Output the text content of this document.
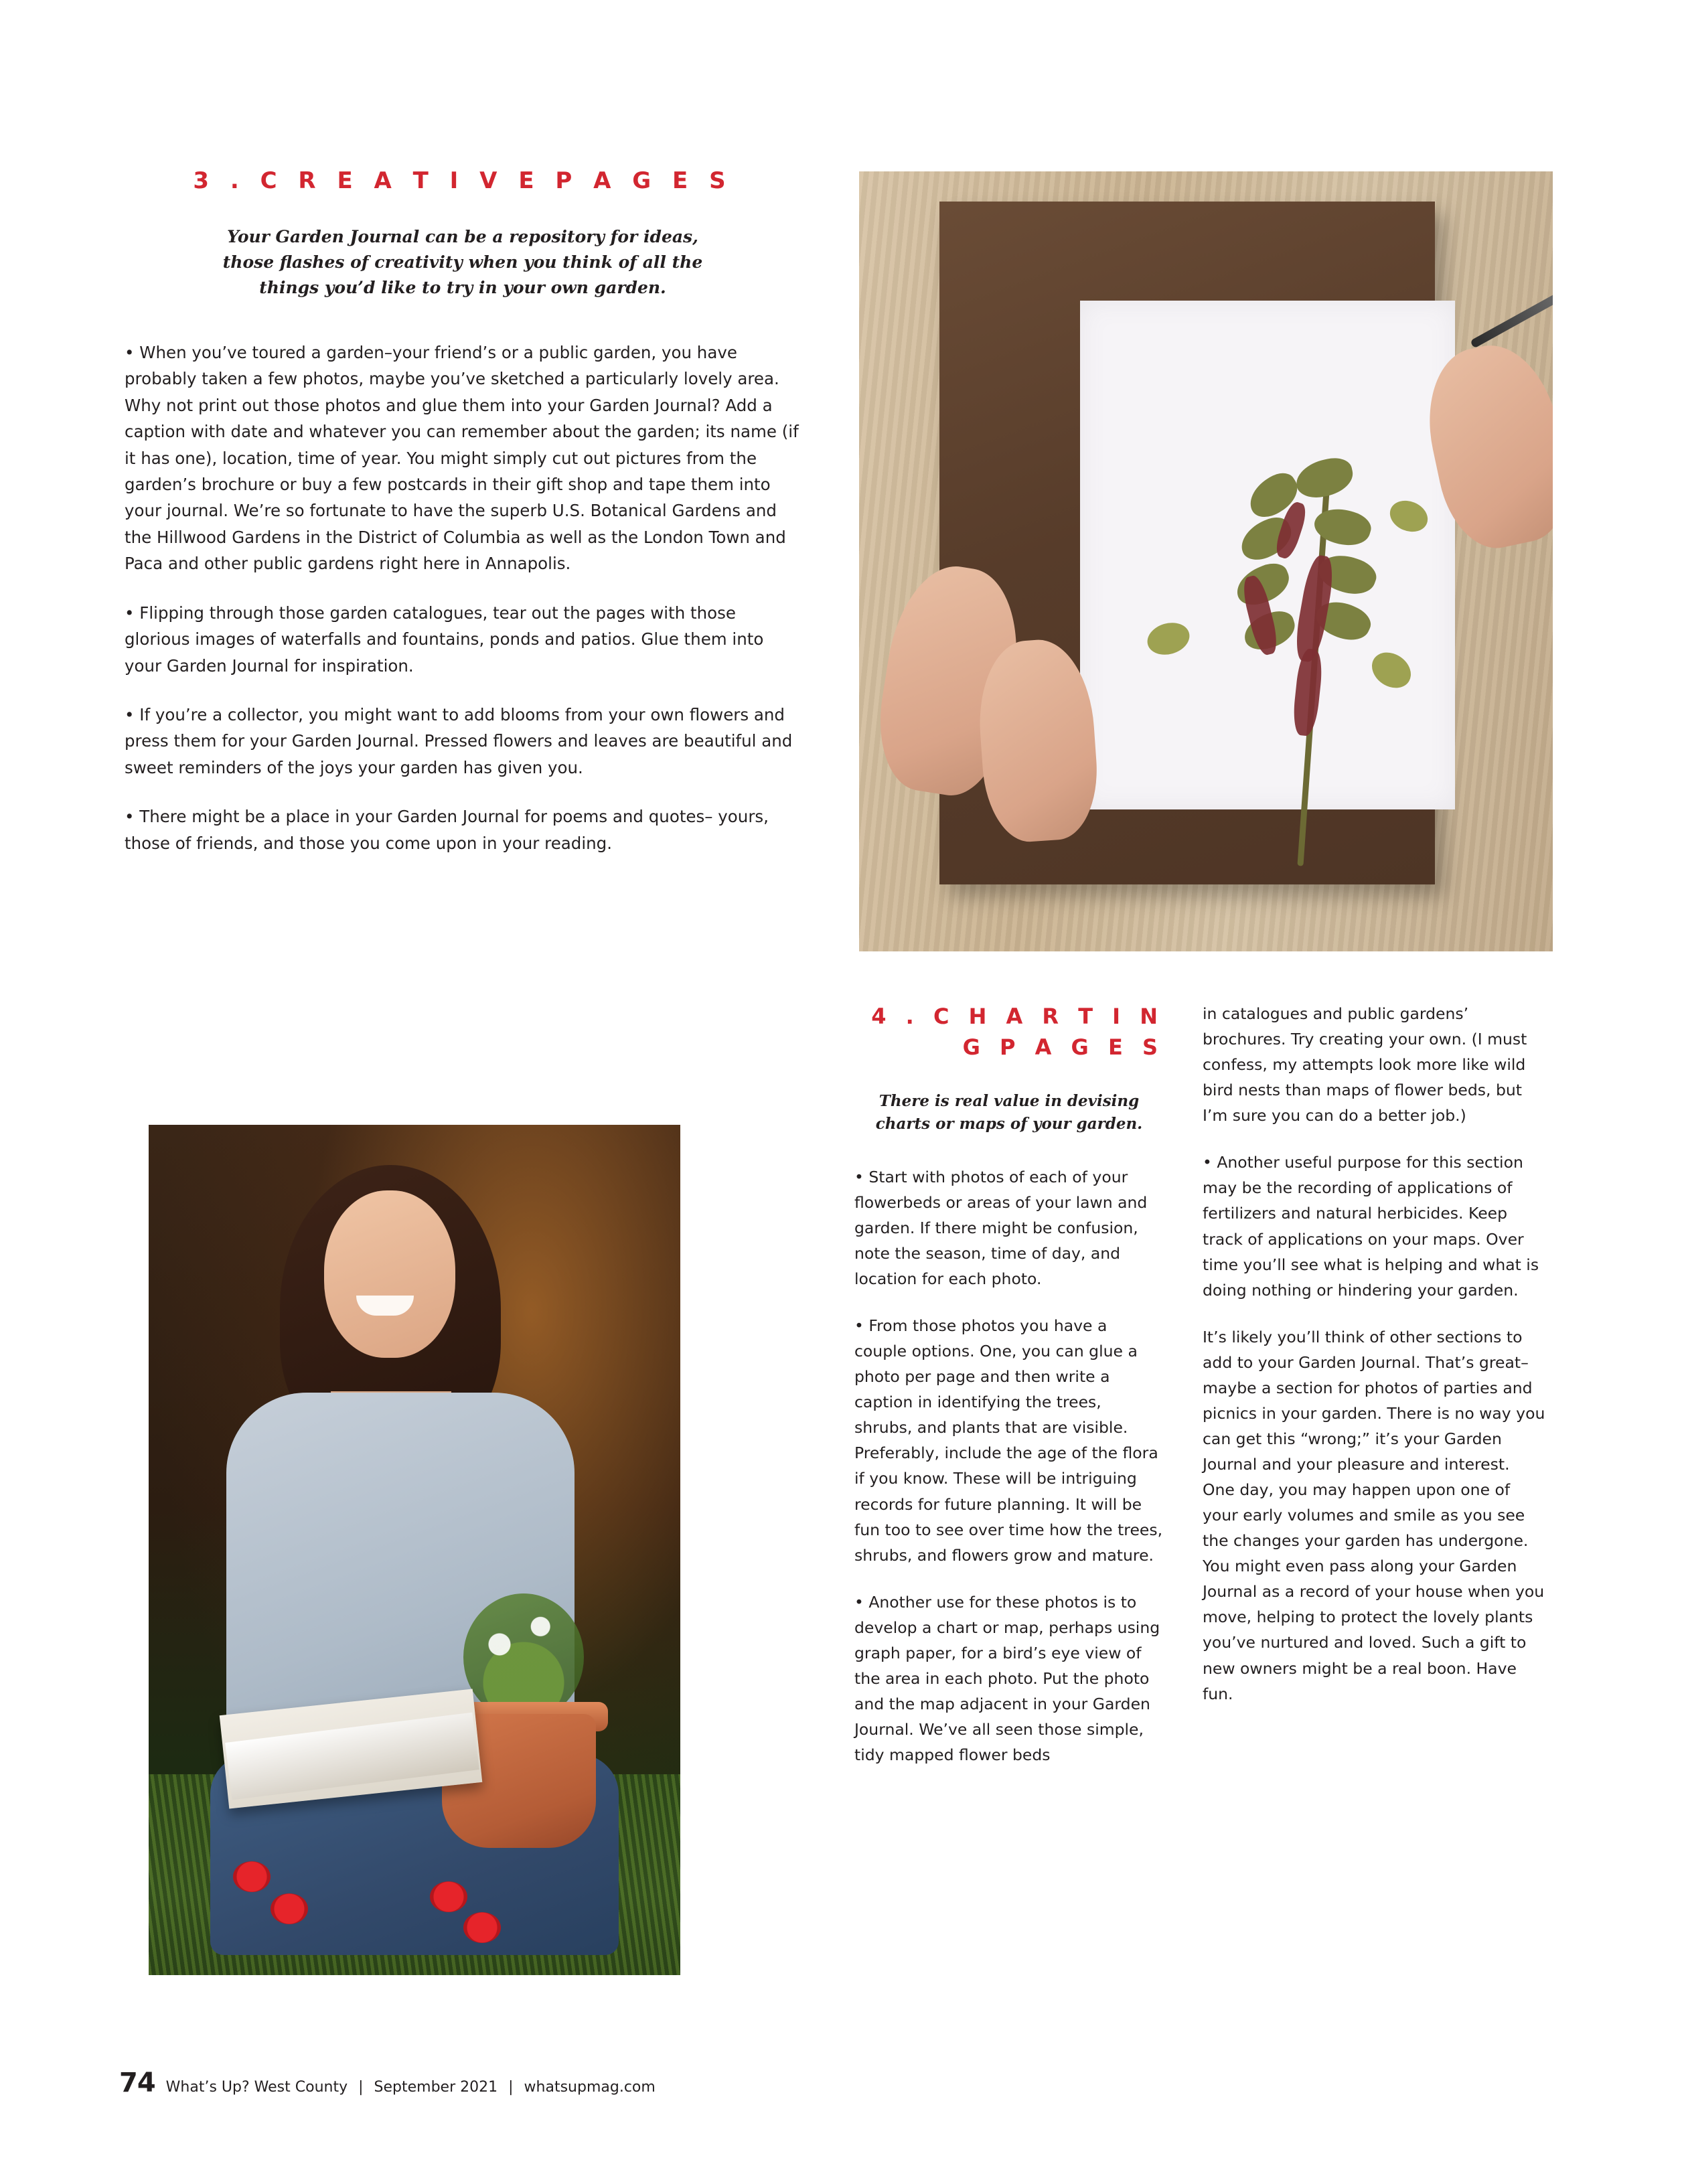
3 . C R E A T I V E P A G E S
Your Garden Journal can be a repository for ideas, those flashes of creativity when you think of all the things you’d like to try in your own garden.

• When you’ve toured a garden–your friend’s or a public garden, you have probably taken a few photos, maybe you’ve sketched a particularly lovely area. Why not print out those photos and glue them into your Garden Journal? Add a caption with date and whatever you can remember about the garden; its name (if it has one), location, time of year. You might simply cut out pictures from the garden’s brochure or buy a few postcards in their gift shop and tape them into your journal. We’re so fortunate to have the superb U.S. Botanical Gardens and the Hillwood Gardens in the District of Columbia as well as the London Town and Paca and other public gardens right here in Annapolis.

• Flipping through those garden catalogues, tear out the pages with those glorious images of waterfalls and fountains, ponds and patios. Glue them into your Garden Journal for inspiration.

• If you’re a collector, you might want to add blooms from your own flowers and press them for your Garden Journal. Pressed flowers and leaves are beautiful and sweet reminders of the joys your garden has given you.

• There might be a place in your Garden Journal for poems and quotes– yours, those of friends, and those you come upon in your reading.

4 . C H A R T I N G P A G E S
There is real value in devising charts or maps of your garden.

• Start with photos of each of your flowerbeds or areas of your lawn and garden. If there might be confusion, note the season, time of day, and location for each photo.

• From those photos you have a couple options. One, you can glue a photo per page and then write a caption in identifying the trees, shrubs, and plants that are visible. Preferably, include the age of the flora if you know. These will be intriguing records for future planning. It will be fun too to see over time how the trees, shrubs, and flowers grow and mature.

• Another use for these photos is to develop a chart or map, perhaps using graph paper, for a bird’s eye view of the area in each photo. Put the photo and the map adjacent in your Garden Journal. We’ve all seen those simple, tidy mapped flower beds

in catalogues and public gardens’ brochures. Try creating your own. (I must confess, my attempts look more like wild bird nests than maps of flower beds, but I’m sure you can do a better job.)

• Another useful purpose for this section may be the recording of applications of fertilizers and natural herbicides. Keep track of applications on your maps. Over time you’ll see what is helping and what is doing nothing or hindering your garden.

It’s likely you’ll think of other sections to add to your Garden Journal. That’s great–maybe a section for photos of parties and picnics in your garden. There is no way you can get this “wrong;” it’s your Garden Journal and your pleasure and interest. One day, you may happen upon one of your early volumes and smile as you see the changes your garden has undergone. You might even pass along your Garden Journal as a record of your house when you move, helping to protect the lovely plants you’ve nurtured and loved. Such a gift to new owners might be a real boon. Have fun.

74 What’s Up? West County | September 2021 | whatsupmag.com
